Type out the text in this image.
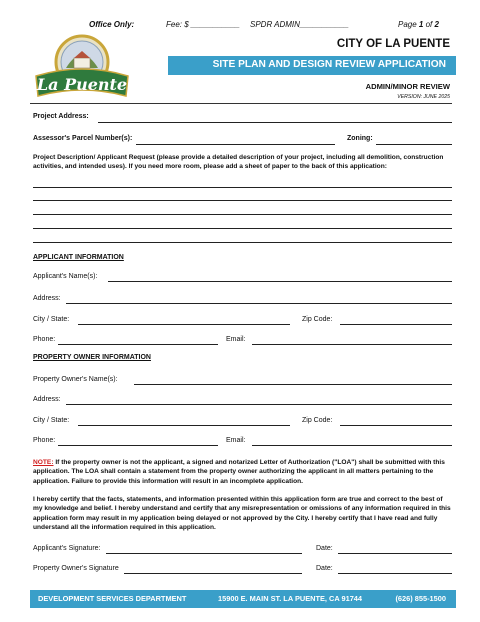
Office Only:	Fee: $ ___________ SPDR ADMIN___________	Page 1 of 2
La Puente
CITY OF LA PUENTE
SITE PLAN AND DESIGN REVIEW APPLICATION
ADMIN/MINOR REVIEW
VERSION: JUNE 2025
Project Address:
Assessor's Parcel Number(s):	Zoning:
Project Description/ Applicant Request (please provide a detailed description of your project, including all demolition, construction activities, and intended uses). If you need more room, please add a sheet of paper to the back of this application:
APPLICANT INFORMATION
Applicant's Name(s):
Address:
City / State:	Zip Code:
Phone:	Email:
PROPERTY OWNER INFORMATION
Property Owner's Name(s):
Address:
City / State:	Zip Code:
Phone:	Email:
NOTE: If the property owner is not the applicant, a signed and notarized Letter of Authorization ("LOA") shall be submitted with this application. The LOA shall contain a statement from the property owner authorizing the applicant in all matters pertaining to the application. Failure to provide this information will result in an incomplete application.
I hereby certify that the facts, statements, and information presented within this application form are true and correct to the best of my knowledge and belief. I hereby understand and certify that any misrepresentation or omissions of any information required in this application form may result in my application being delayed or not approved by the City. I hereby certify that I have read and fully understand all the information required in this application.
Applicant's Signature:	Date:
Property Owner's Signature	Date:
DEVELOPMENT SERVICES DEPARTMENT	15900 E. MAIN ST. LA PUENTE, CA 91744	(626) 855-1500
